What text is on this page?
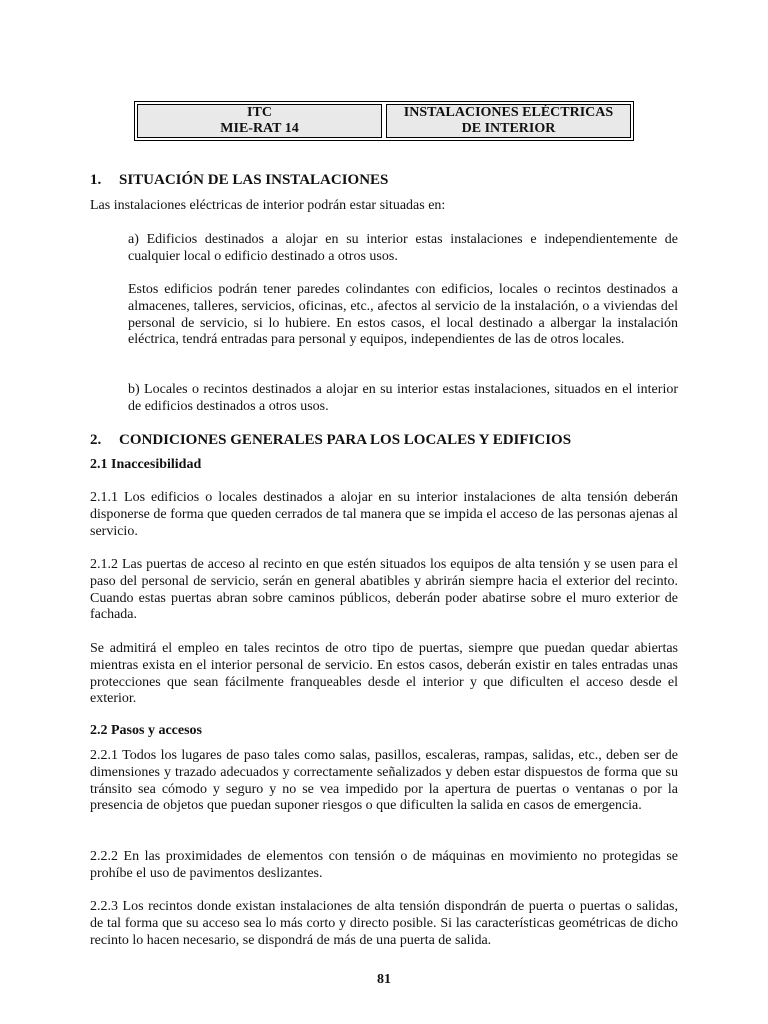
ITC
MIE-RAT 14
INSTALACIONES ELÉCTRICAS
DE INTERIOR
1. SITUACIÓN DE LAS INSTALACIONES
Las instalaciones eléctricas de interior podrán estar situadas en:
a) Edificios destinados a alojar en su interior estas instalaciones e independientemente de cualquier local o edificio destinado a otros usos.
Estos edificios podrán tener paredes colindantes con edificios, locales o recintos destinados a almacenes, talleres, servicios, oficinas, etc., afectos al servicio de la instalación, o a viviendas del personal de servicio, si lo hubiere. En estos casos, el local destinado a albergar la instalación eléctrica, tendrá entradas para personal y equipos, independientes de las de otros locales.
b) Locales o recintos destinados a alojar en su interior estas instalaciones, situados en el interior de edificios destinados a otros usos.
2. CONDICIONES GENERALES PARA LOS LOCALES Y EDIFICIOS
2.1 Inaccesibilidad
2.1.1 Los edificios o locales destinados a alojar en su interior instalaciones de alta tensión deberán disponerse de forma que queden cerrados de tal manera que se impida el acceso de las personas ajenas al servicio.
2.1.2 Las puertas de acceso al recinto en que estén situados los equipos de alta tensión y se usen para el paso del personal de servicio, serán en general abatibles y abrirán siempre hacia el exterior del recinto. Cuando estas puertas abran sobre caminos públicos, deberán poder abatirse sobre el muro exterior de fachada.
Se admitirá el empleo en tales recintos de otro tipo de puertas, siempre que puedan quedar abiertas mientras exista en el interior personal de servicio. En estos casos, deberán existir en tales entradas unas protecciones que sean fácilmente franqueables desde el interior y que dificulten el acceso desde el exterior.
2.2 Pasos y accesos
2.2.1 Todos los lugares de paso tales como salas, pasillos, escaleras, rampas, salidas, etc., deben ser de dimensiones y trazado adecuados y correctamente señalizados y deben estar dispuestos de forma que su tránsito sea cómodo y seguro y no se vea impedido por la apertura de puertas o ventanas o por la presencia de objetos que puedan suponer riesgos o que dificulten la salida en casos de emergencia.
2.2.2 En las proximidades de elementos con tensión o de máquinas en movimiento no protegidas se prohíbe el uso de pavimentos deslizantes.
2.2.3 Los recintos donde existan instalaciones de alta tensión dispondrán de puerta o puertas o salidas, de tal forma que su acceso sea lo más corto y directo posible. Si las características geométricas de dicho recinto lo hacen necesario, se dispondrá de más de una puerta de salida.
81
